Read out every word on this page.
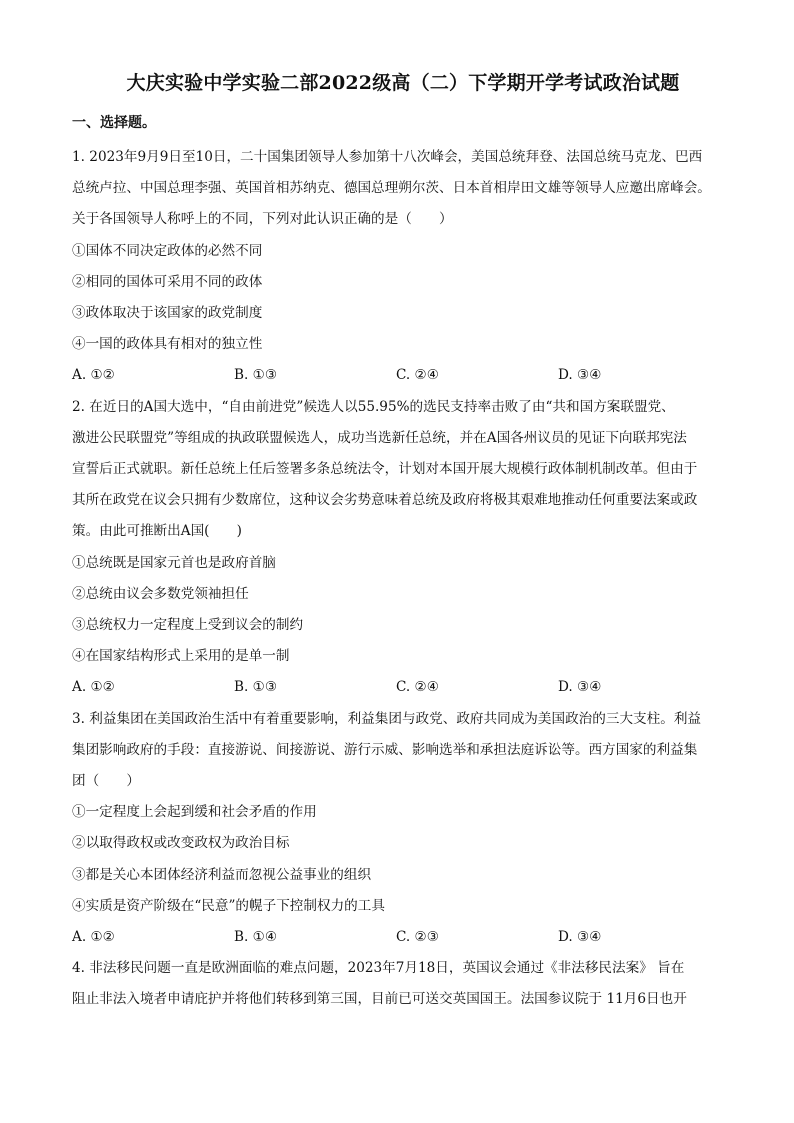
大庆实验中学实验二部2022级高（二）下学期开学考试政治试题
一、选择题。
1. 2023年9月9日至10日，二十国集团领导人参加第十八次峰会，美国总统拜登、法国总统马克龙、巴西
总统卢拉、中国总理李强、英国首相苏纳克、德国总理朔尔茨、日本首相岸田文雄等领导人应邀出席峰会。
关于各国领导人称呼上的不同，下列对此认识正确的是（　　）
①国体不同决定政体的必然不同
②相同的国体可采用不同的政体
③政体取决于该国家的政党制度
④一国的政体具有相对的独立性
A. ①②	B. ①③	C. ②④	D. ③④
2. 在近日的A国大选中，“自由前进党”候选人以55.95%的选民支持率击败了由“共和国方案联盟党、
激进公民联盟党”等组成的执政联盟候选人，成功当选新任总统，并在A国各州议员的见证下向联邦宪法
宣誓后正式就职。新任总统上任后签署多条总统法令，计划对本国开展大规模行政体制机制改革。但由于
其所在政党在议会只拥有少数席位，这种议会劣势意味着总统及政府将极其艰难地推动任何重要法案或政
策。由此可推断出A国(　　)
①总统既是国家元首也是政府首脑
②总统由议会多数党领袖担任
③总统权力一定程度上受到议会的制约
④在国家结构形式上采用的是单一制
A. ①②	B. ①③	C. ②④	D. ③④
3. 利益集团在美国政治生活中有着重要影响，利益集团与政党、政府共同成为美国政治的三大支柱。利益
集团影响政府的手段：直接游说、间接游说、游行示威、影响选举和承担法庭诉讼等。西方国家的利益集
团（　　）
①一定程度上会起到缓和社会矛盾的作用
②以取得政权或改变政权为政治目标
③都是关心本团体经济利益而忽视公益事业的组织
④实质是资产阶级在“民意”的幌子下控制权力的工具
A. ①②	B. ①④	C. ②③	D. ③④
4. 非法移民问题一直是欧洲面临的难点问题，2023年7月18日，英国议会通过《非法移民法案》 旨在
阻止非法入境者申请庇护并将他们转移到第三国，目前已可送交英国国王。法国参议院于 11月6日也开
